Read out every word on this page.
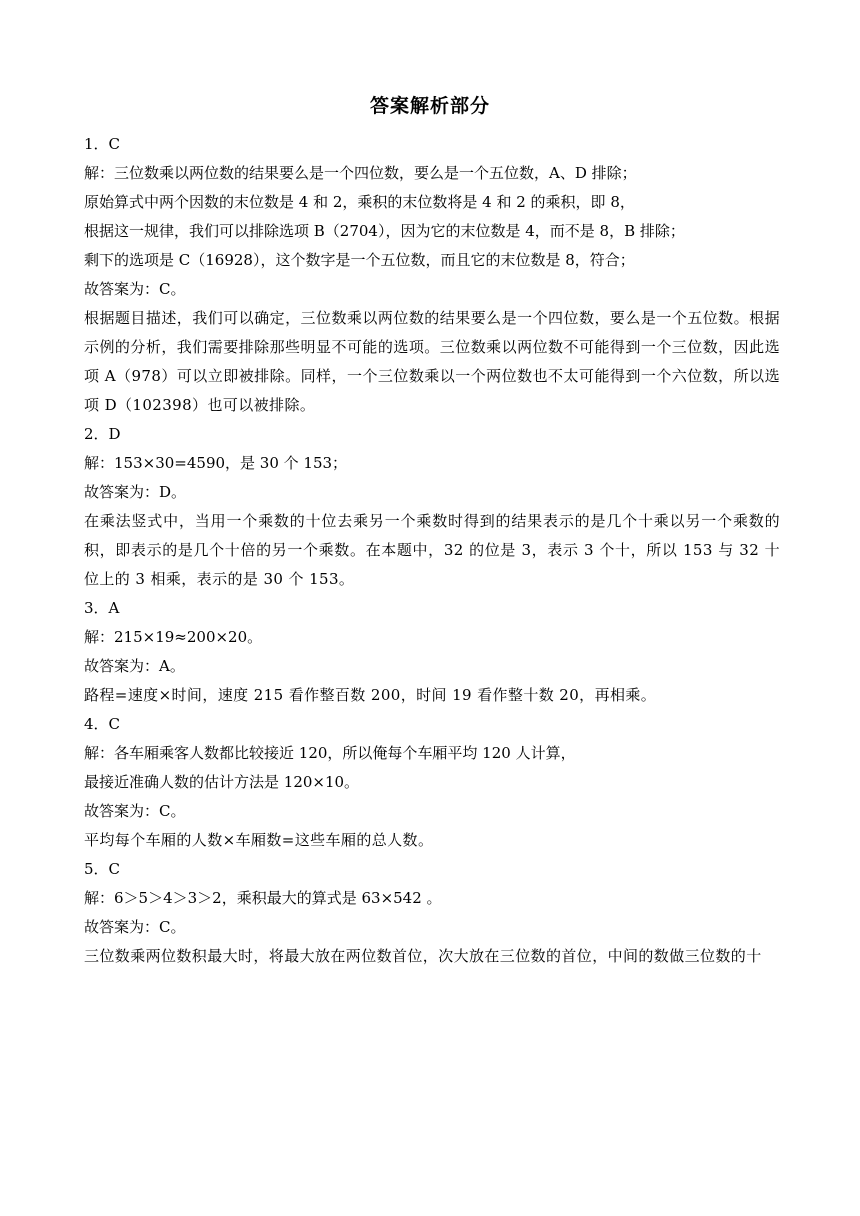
答案解析部分
1．C
解：三位数乘以两位数的结果要么是一个四位数，要么是一个五位数，A、D 排除；
原始算式中两个因数的末位数是 4 和 2，乘积的末位数将是 4 和 2 的乘积，即 8，
根据这一规律，我们可以排除选项 B（2704），因为它的末位数是 4，而不是 8，B 排除；
剩下的选项是 C（16928），这个数字是一个五位数，而且它的末位数是 8，符合；
故答案为：C。
根据题目描述，我们可以确定，三位数乘以两位数的结果要么是一个四位数，要么是一个五位数。根据示例的分析，我们需要排除那些明显不可能的选项。三位数乘以两位数不可能得到一个三位数，因此选项 A（978）可以立即被排除。同样，一个三位数乘以一个两位数也不太可能得到一个六位数，所以选项 D（102398）也可以被排除。
2．D
解：153×30=4590，是 30 个 153；
故答案为：D。
在乘法竖式中，当用一个乘数的十位去乘另一个乘数时得到的结果表示的是几个十乘以另一个乘数的积，即表示的是几个十倍的另一个乘数。在本题中，32 的位是 3，表示 3 个十，所以 153 与 32 十位上的 3 相乘，表示的是 30 个 153。
3．A
解：215×19≈200×20。
故答案为：A。
路程=速度×时间，速度 215 看作整百数 200，时间 19 看作整十数 20，再相乘。
4．C
解：各车厢乘客人数都比较接近 120，所以俺每个车厢平均 120 人计算，
最接近准确人数的估计方法是 120×10。
故答案为：C。
平均每个车厢的人数×车厢数=这些车厢的总人数。
5．C
解：6＞5＞4＞3＞2，乘积最大的算式是 63×542 。
故答案为：C。
三位数乘两位数积最大时，将最大放在两位数首位，次大放在三位数的首位，中间的数做三位数的十
